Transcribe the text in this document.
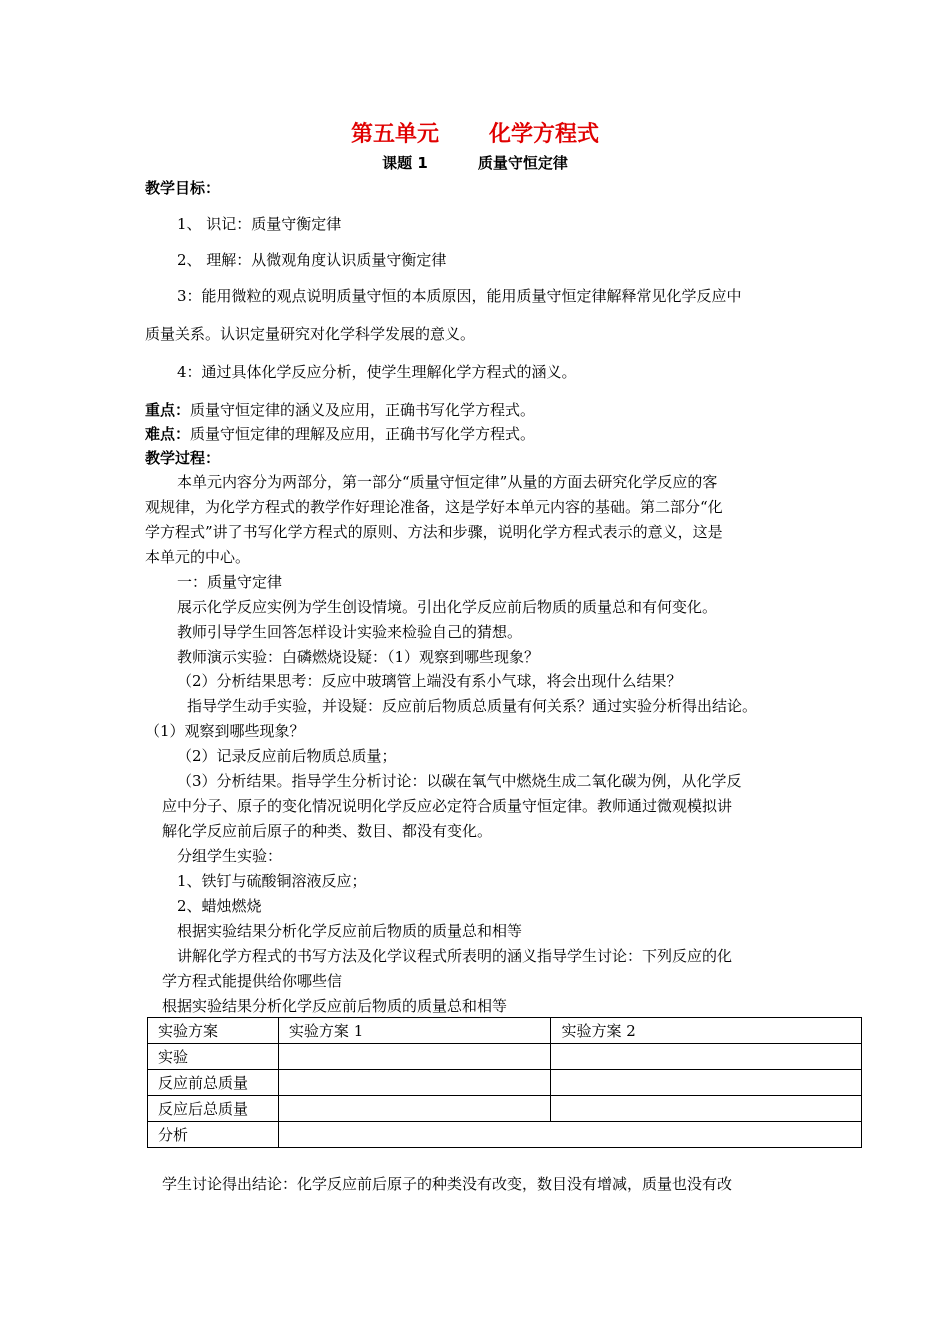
第五单元 化学方程式
课题 1	质量守恒定律
教学目标：
1、 识记：质量守衡定律
2、 理解：从微观角度认识质量守衡定律
3：能用微粒的观点说明质量守恒的本质原因，能用质量守恒定律解释常见化学反应中
质量关系。认识定量研究对化学科学发展的意义。
4：通过具体化学反应分析，使学生理解化学方程式的涵义。
重点：质量守恒定律的涵义及应用，正确书写化学方程式。
难点：质量守恒定律的理解及应用，正确书写化学方程式。
教学过程：
本单元内容分为两部分，第一部分“质量守恒定律”从量的方面去研究化学反应的客
观规律，为化学方程式的教学作好理论准备，这是学好本单元内容的基础。第二部分“化
学方程式”讲了书写化学方程式的原则、方法和步骤，说明化学方程式表示的意义，这是
本单元的中心。
一：质量守定律
展示化学反应实例为学生创设情境。引出化学反应前后物质的质量总和有何变化。
教师引导学生回答怎样设计实验来检验自己的猜想。
教师演示实验：白磷燃烧设疑：（1）观察到哪些现象？
（2）分析结果思考：反应中玻璃管上端没有系小气球，将会出现什么结果？
指导学生动手实验，并设疑：反应前后物质总质量有何关系？通过实验分析得出结论。
（1）观察到哪些现象？
（2）记录反应前后物质总质量；
（3）分析结果。指导学生分析讨论：以碳在氧气中燃烧生成二氧化碳为例，从化学反
应中分子、原子的变化情况说明化学反应必定符合质量守恒定律。教师通过微观模拟讲
解化学反应前后原子的种类、数目、都没有变化。
分组学生实验：
1、铁钉与硫酸铜溶液反应；
2、蜡烛燃烧
根据实验结果分析化学反应前后物质的质量总和相等
讲解化学方程式的书写方法及化学议程式所表明的涵义指导学生讨论：下列反应的化
学方程式能提供给你哪些信
根据实验结果分析化学反应前后物质的质量总和相等
实验方案	实验方案 1	实验方案 2
实验		
反应前总质量		
反应后总质量		
分析		
学生讨论得出结论：化学反应前后原子的种类没有改变，数目没有增减，质量也没有改
